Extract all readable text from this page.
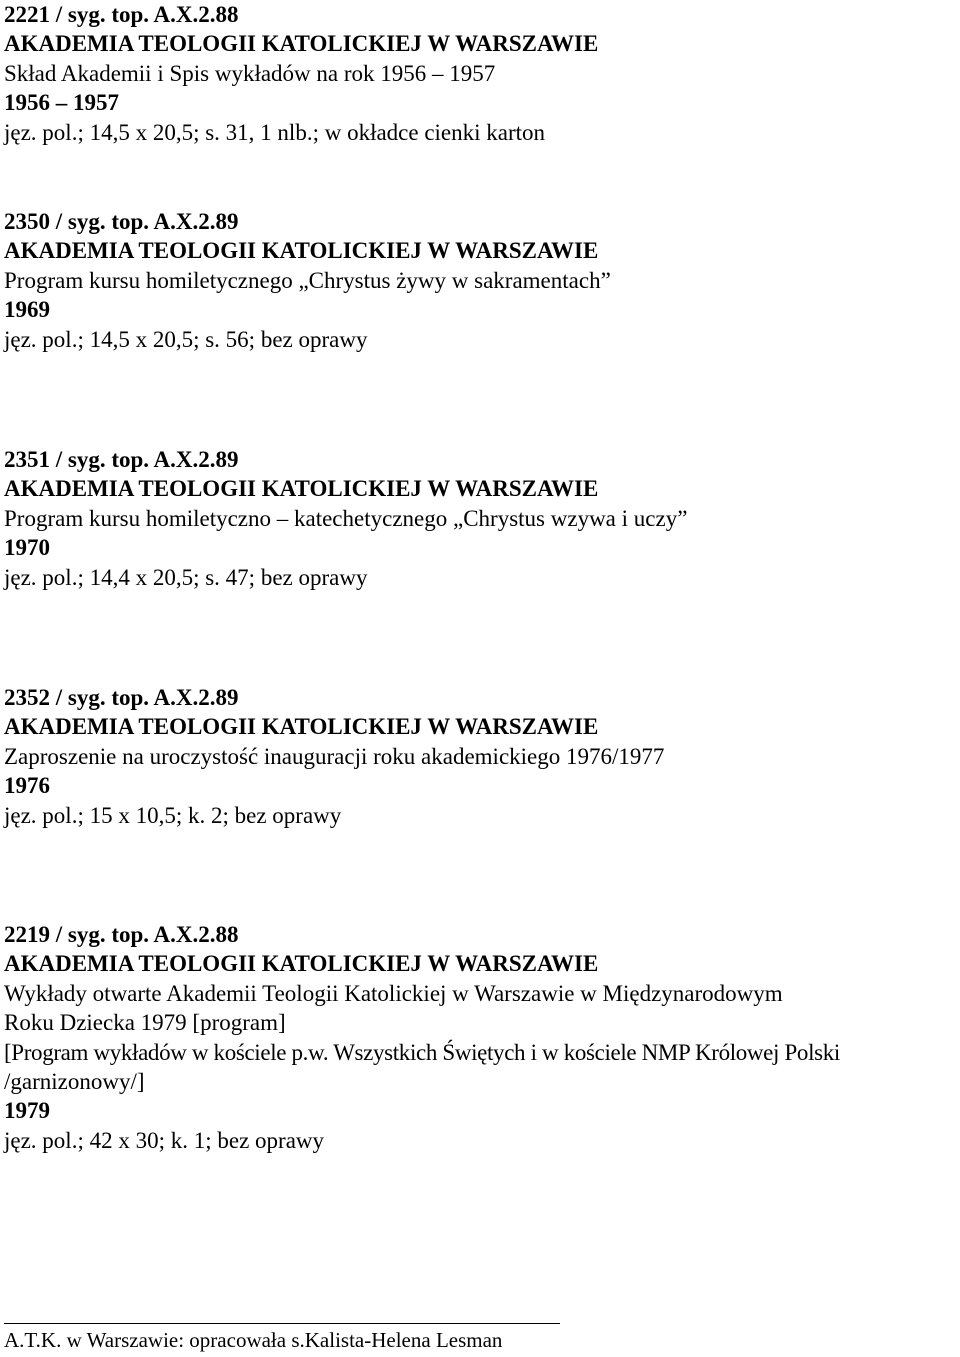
2221 / syg. top. A.X.2.88
AKADEMIA TEOLOGII KATOLICKIEJ W WARSZAWIE
Skład Akademii i Spis wykładów na rok 1956 – 1957
1956 – 1957
jęz. pol.; 14,5 x 20,5; s. 31, 1 nlb.; w okładce cienki karton
2350 / syg. top. A.X.2.89
AKADEMIA TEOLOGII KATOLICKIEJ W WARSZAWIE
Program kursu homiletycznego „Chrystus żywy w sakramentach”
1969
jęz. pol.; 14,5 x 20,5; s. 56; bez oprawy
2351 / syg. top. A.X.2.89
AKADEMIA TEOLOGII KATOLICKIEJ W WARSZAWIE
Program kursu homiletyczno – katechetycznego „Chrystus wzywa i uczy”
1970
jęz. pol.; 14,4 x 20,5; s. 47; bez oprawy
2352 / syg. top. A.X.2.89
AKADEMIA TEOLOGII KATOLICKIEJ W WARSZAWIE
Zaproszenie na uroczystość inauguracji roku akademickiego 1976/1977
1976
jęz. pol.; 15 x 10,5; k. 2; bez oprawy
2219 / syg. top. A.X.2.88
AKADEMIA TEOLOGII KATOLICKIEJ W WARSZAWIE
Wykłady otwarte Akademii Teologii Katolickiej w Warszawie w Międzynarodowym
Roku Dziecka 1979 [program]
[Program wykładów w kościele p.w. Wszystkich Świętych i w kościele NMP Królowej Polski
/garnizonowy/]
1979
jęz. pol.; 42 x 30; k. 1; bez oprawy
A.T.K. w Warszawie: opracowała s.Kalista-Helena Lesman
